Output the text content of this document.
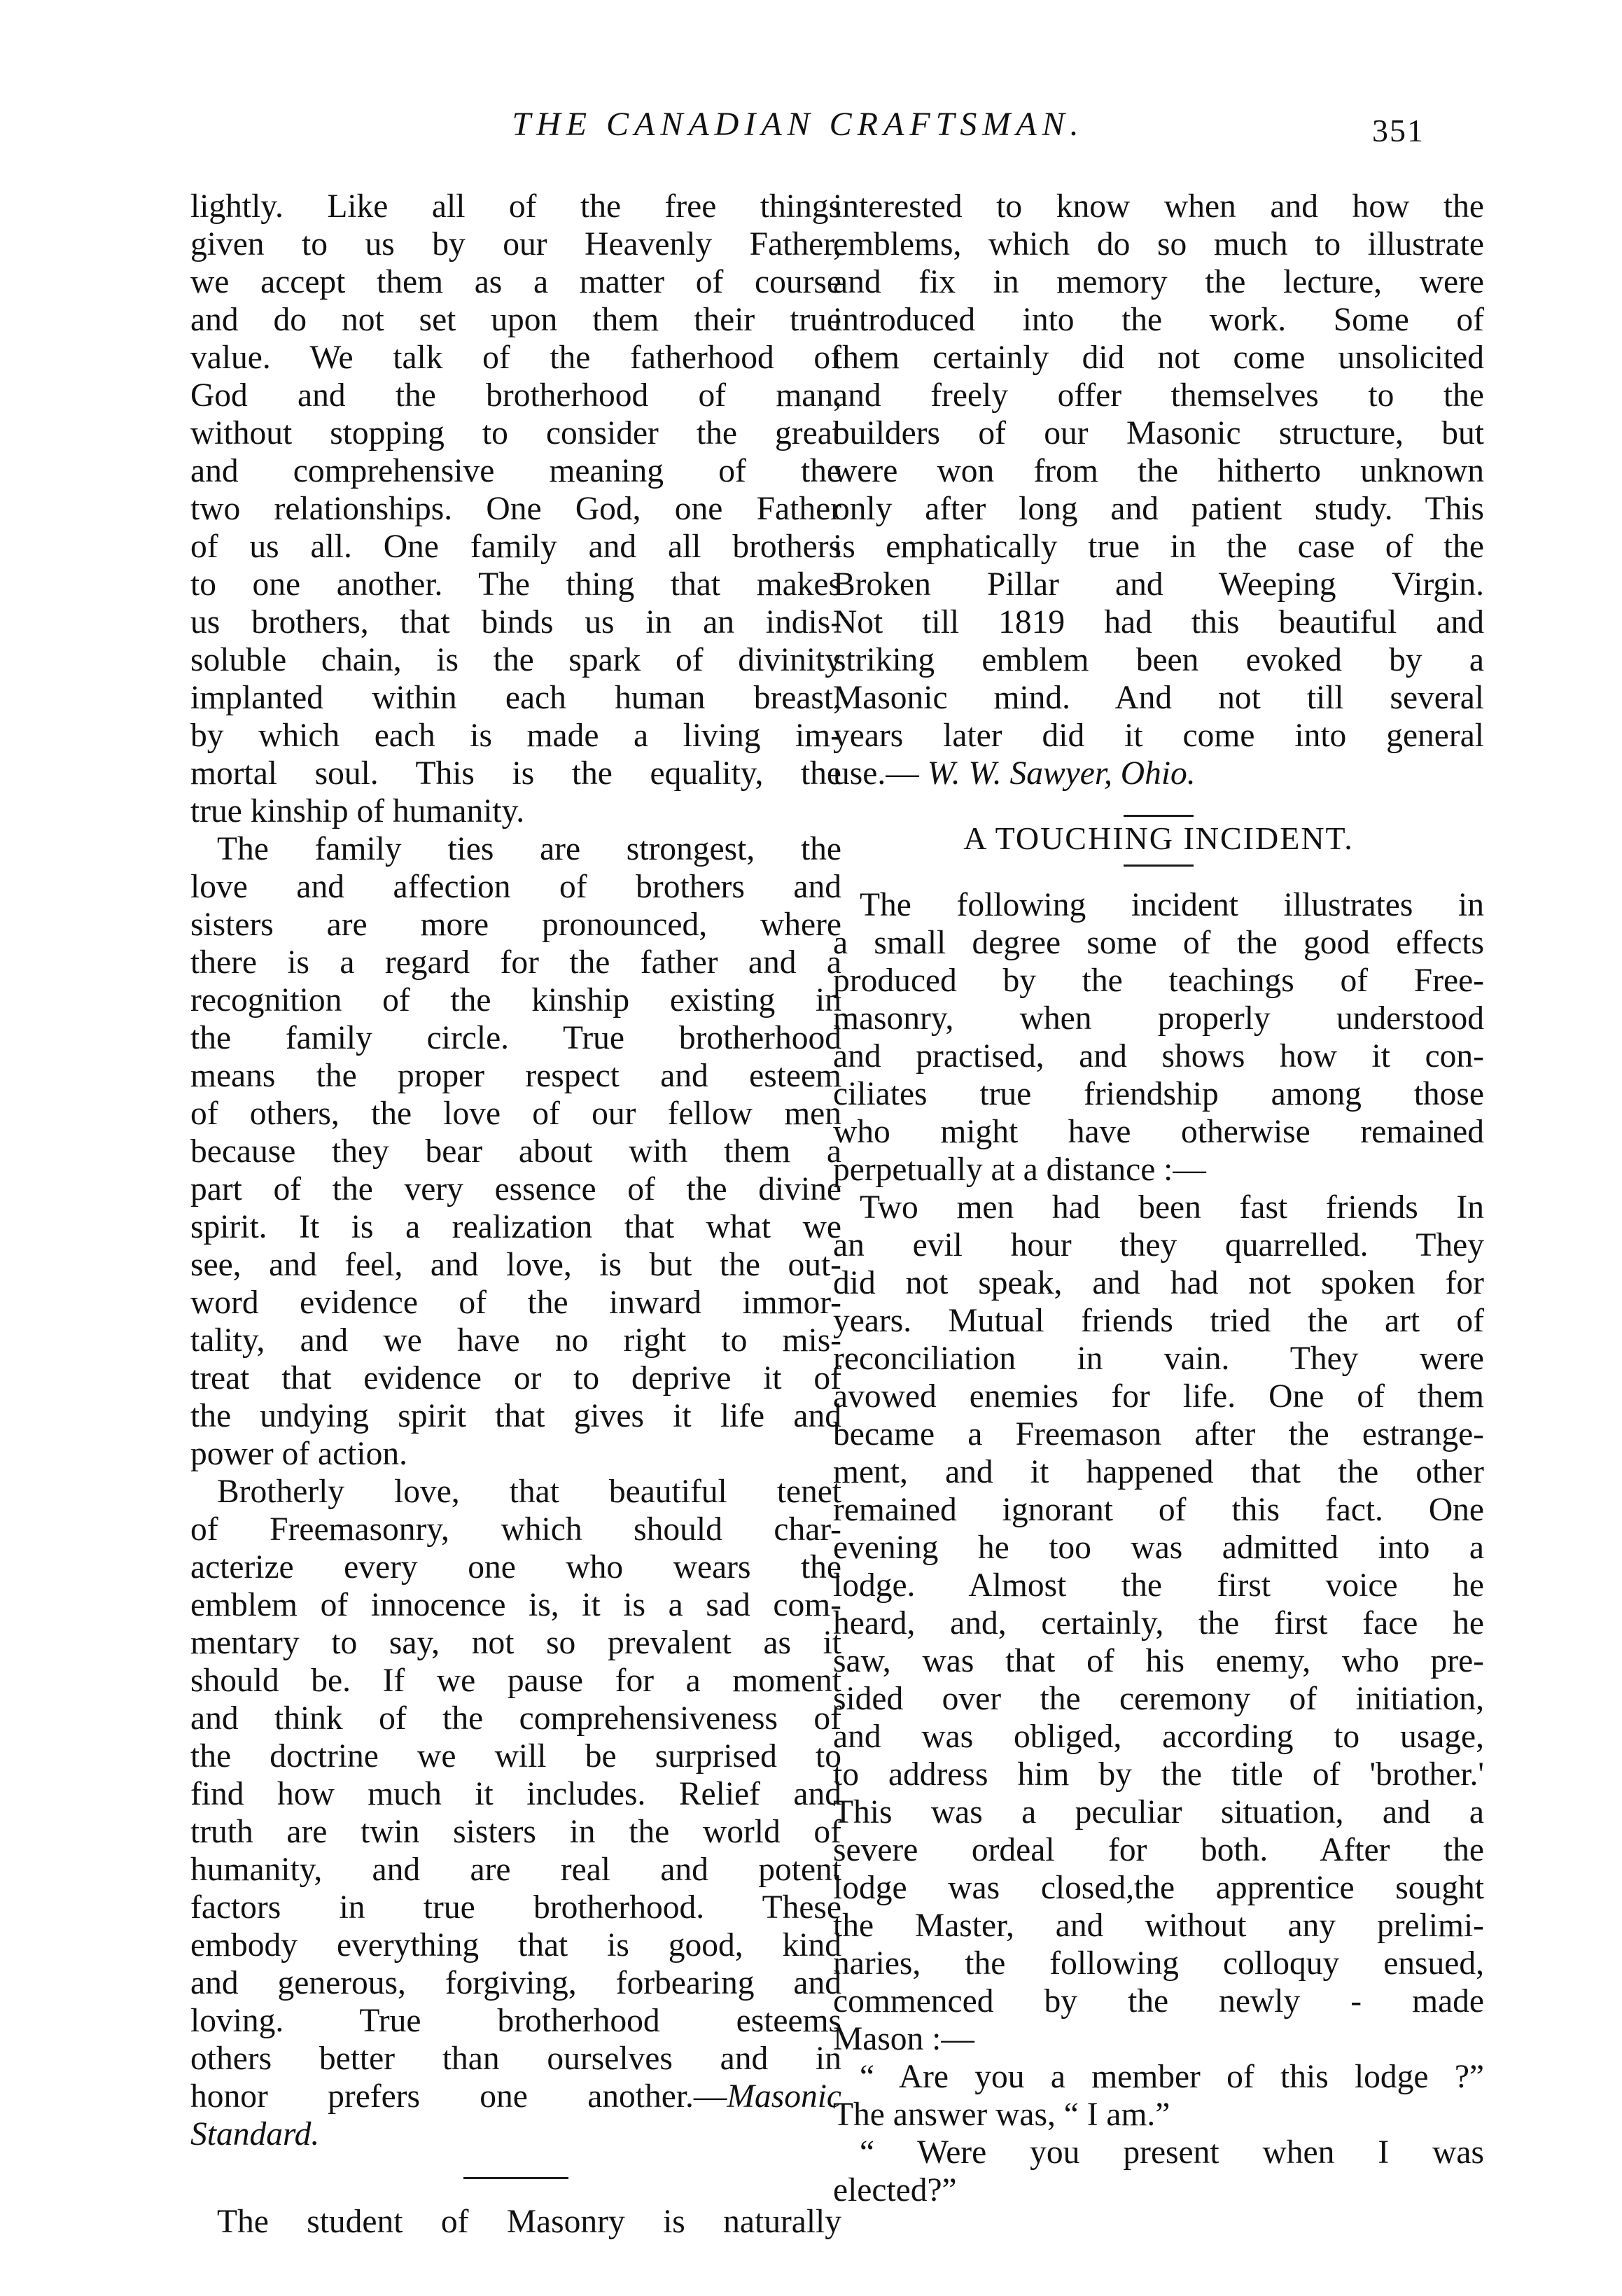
THE CANADIAN CRAFTSMAN.	351
lightly. Like all of the free things
given to us by our Heavenly Father,
we accept them as a matter of course
and do not set upon them their true
value. We talk of the fatherhood of
God and the brotherhood of man,
without stopping to consider the great
and comprehensive meaning of the
two relationships. One God, one Father
of us all. One family and all brothers
to one another. The thing that makes
us brothers, that binds us in an indis-
soluble chain, is the spark of divinity
implanted within each human breast,
by which each is made a living im-
mortal soul. This is the equality, the
true kinship of humanity.
The family ties are strongest, the
love and affection of brothers and
sisters are more pronounced, where
there is a regard for the father and a
recognition of the kinship existing in
the family circle. True brotherhood
means the proper respect and esteem
of others, the love of our fellow men
because they bear about with them a
part of the very essence of the divine
spirit. It is a realization that what we
see, and feel, and love, is but the out-
word evidence of the inward immor-
tality, and we have no right to mis-
treat that evidence or to deprive it of
the undying spirit that gives it life and
power of action.
Brotherly love, that beautiful tenet
of Freemasonry, which should char-
acterize every one who wears the
emblem of innocence is, it is a sad com-
mentary to say, not so prevalent as it
should be. If we pause for a moment
and think of the comprehensiveness of
the doctrine we will be surprised to
find how much it includes. Relief and
truth are twin sisters in the world of
humanity, and are real and potent
factors in true brotherhood. These
embody everything that is good, kind
and generous, forgiving, forbearing and
loving. True brotherhood esteems
others better than ourselves and in
honor prefers one another.—Masonic
Standard.
The student of Masonry is naturally
interested to know when and how the
emblems, which do so much to illustrate
and fix in memory the lecture, were
introduced into the work. Some of
them certainly did not come unsolicited
and freely offer themselves to the
builders of our Masonic structure, but
were won from the hitherto unknown
only after long and patient study. This
is emphatically true in the case of the
Broken Pillar and Weeping Virgin.
Not till 1819 had this beautiful and
striking emblem been evoked by a
Masonic mind. And not till several
years later did it come into general
use.— W. W. Sawyer, Ohio.
A TOUCHING INCIDENT.
The following incident illustrates in
a small degree some of the good effects
produced by the teachings of Free-
masonry, when properly understood
and practised, and shows how it con-
ciliates true friendship among those
who might have otherwise remained
perpetually at a distance :—
Two men had been fast friends In
an evil hour they quarrelled. They
did not speak, and had not spoken for
years. Mutual friends tried the art of
reconciliation in vain. They were
avowed enemies for life. One of them
became a Freemason after the estrange-
ment, and it happened that the other
remained ignorant of this fact. One
evening he too was admitted into a
lodge. Almost the first voice he
heard, and, certainly, the first face he
saw, was that of his enemy, who pre-
sided over the ceremony of initiation,
and was obliged, according to usage,
to address him by the title of 'brother.'
This was a peculiar situation, and a
severe ordeal for both. After the
lodge was closed,the apprentice sought
the Master, and without any prelimi-
naries, the following colloquy ensued,
commenced by the newly - made
Mason :—
“ Are you a member of this lodge ?”
The answer was, “ I am.”
“ Were you present when I was
elected?”
